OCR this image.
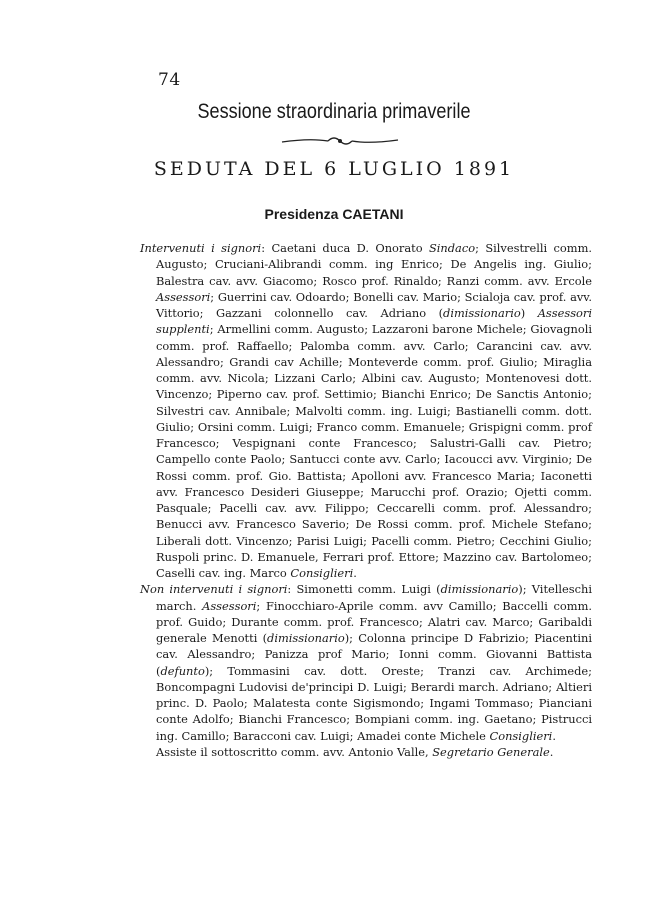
74
Sessione straordinaria primaverile
SEDUTA DEL 6 LUGLIO 1891
Presidenza CAETANI

Intervenuti i signori: Caetani duca D. Onorato Sindaco; Silvestrelli comm. Augusto; Cruciani-Alibrandi comm. ing Enrico; De Angelis ing. Giulio; Balestra cav. avv. Giacomo; Rosco prof. Rinaldo; Ranzi comm. avv. Ercole Assessori; Guerrini cav. Odoardo; Bonelli cav. Mario; Scialoja cav. prof. avv. Vittorio; Gazzani colonnello cav. Adriano (dimissionario) Assessori supplenti; Armellini comm. Augusto; Lazzaroni barone Michele; Giovagnoli comm. prof. Raffaello; Palomba comm. avv. Carlo; Carancini cav. avv. Alessandro; Grandi cav Achille; Monteverde comm. prof. Giulio; Miraglia comm. avv. Nicola; Lizzani Carlo; Albini cav. Augusto; Montenovesi dott. Vincenzo; Piperno cav. prof. Settimio; Bianchi Enrico; De Sanctis Antonio; Silvestri cav. Annibale; Malvolti comm. ing. Luigi; Bastianelli comm. dott. Giulio; Orsini comm. Luigi; Franco comm. Emanuele; Grispigni comm. prof Francesco; Vespignani conte Francesco; Salustri-Galli cav. Pietro; Campello conte Paolo; Santucci conte avv. Carlo; Iacoucci avv. Virginio; De Rossi comm. prof. Gio. Battista; Apolloni avv. Francesco Maria; Iaconetti avv. Francesco Desideri Giuseppe; Marucchi prof. Orazio; Ojetti comm. Pasquale; Pacelli cav. avv. Filippo; Ceccarelli comm. prof. Alessandro; Benucci avv. Francesco Saverio; De Rossi comm. prof. Michele Stefano; Liberali dott. Vincenzo; Parisi Luigi; Pacelli comm. Pietro; Cecchini Giulio; Ruspoli princ. D. Emanuele, Ferrari prof. Ettore; Mazzino cav. Bartolomeo; Caselli cav. ing. Marco Consiglieri.

Non intervenuti i signori: Simonetti comm. Luigi (dimissionario); Vitelleschi march. Assessori; Finocchiaro-Aprile comm. avv Camillo; Baccelli comm. prof. Guido; Durante comm. prof. Francesco; Alatri cav. Marco; Garibaldi generale Menotti (dimissionario); Colonna principe D Fabrizio; Piacentini cav. Alessandro; Panizza prof Mario; Ionni comm. Giovanni Battista (defunto); Tommasini cav. dott. Oreste; Tranzi cav. Archimede; Boncompagni Ludovisi de'principi D. Luigi; Berardi march. Adriano; Altieri princ. D. Paolo; Malatesta conte Sigismondo; Ingami Tommaso; Pianciani conte Adolfo; Bianchi Francesco; Bompiani comm. ing. Gaetano; Pistrucci ing. Camillo; Baracconi cav. Luigi; Amadei conte Michele Consiglieri.

Assiste il sottoscritto comm. avv. Antonio Valle, Segretario Generale.
